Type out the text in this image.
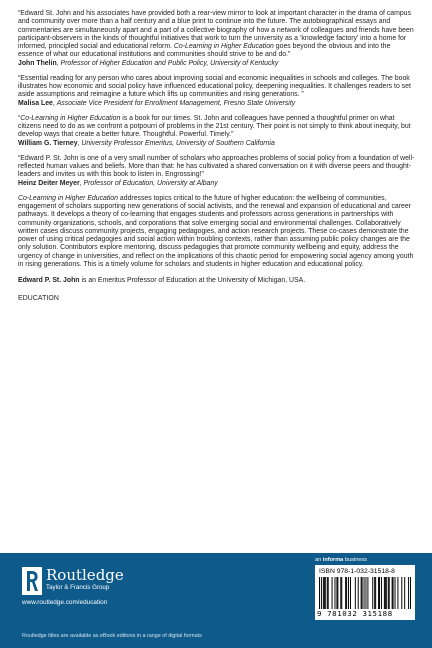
“Edward St. John and his associates have provided both a rear-view mirror to look at important character in the drama of campus and community over more than a half century and a blue print to continue into the future. The autobiographical essays and commentaries are simultaneously apart and a part of a collective biography of how a network of colleagues and friends have been participant-observers in the kinds of thoughtful initiatives that work to turn the university as a ‘knowledge factory’ into a home for informed, principled social and educational reform. Co-Learning in Higher Education goes beyond the obvious and into the essence of what our educational institutions and communities should strive to be and do.”
John Thelin, Professor of Higher Education and Public Policy, University of Kentucky
“Essential reading for any person who cares about improving social and economic inequalities in schools and colleges. The book illustrates how economic and social policy have influenced educational policy, deepening inequalities. It challenges readers to set aside assumptions and reimagine a future which lifts up communities and rising generations. ”
Malisa Lee, Associate Vice President for Enrollment Management, Fresno State University
“Co-Learning in Higher Education is a book for our times. St. John and colleagues have penned a thoughtful primer on what citizens need to do as we confront a potpourri of problems in the 21st century. Their point is not simply to think about inequity, but develop ways that create a better future. Thoughtful. Powerful. Timely.”
William G. Tierney, University Professor Emeritus, University of Southern California
“Edward P. St. John is one of a very small number of scholars who approaches problems of social policy from a foundation of well-reflected human values and beliefs. More than that: he has cultivated a shared conversation on it with diverse peers and thought-leaders and invites us with this book to listen in. Engrossing!”
Heinz Deiter Meyer, Professor of Education, University at Albany

Co-Learning in Higher Education addresses topics critical to the future of higher education: the wellbeing of communities, engagement of scholars supporting new generations of social activists, and the renewal and expansion of educational and career pathways. It develops a theory of co-learning that engages students and professors across generations in partnerships with community organizations, schools, and corporations that solve emerging social and environmental challenges. Collaboratively written cases discuss community projects, engaging pedagogies, and action research projects. These co-cases demonstrate the power of using critical pedagogies and social action within troubling contexts, rather than assuming public policy changes are the only solution. Contributors explore mentoring, discuss pedagogies that promote community wellbeing and equity, address the urgency of change in universities, and reflect on the implications of this chaotic period for empowering social agency among youth in rising generations. This is a timely volume for scholars and students in higher education and educational policy.

Edward P. St. John is an Emeritus Professor of Education at the University of Michigan, USA.

EDUCATION

Routledge
Taylor & Francis Group
www.routledge.com/education
Routledge titles are available as eBook editions in a range of digital formats
an informa business
ISBN 978-1-032-31518-8
9 781032 315188
